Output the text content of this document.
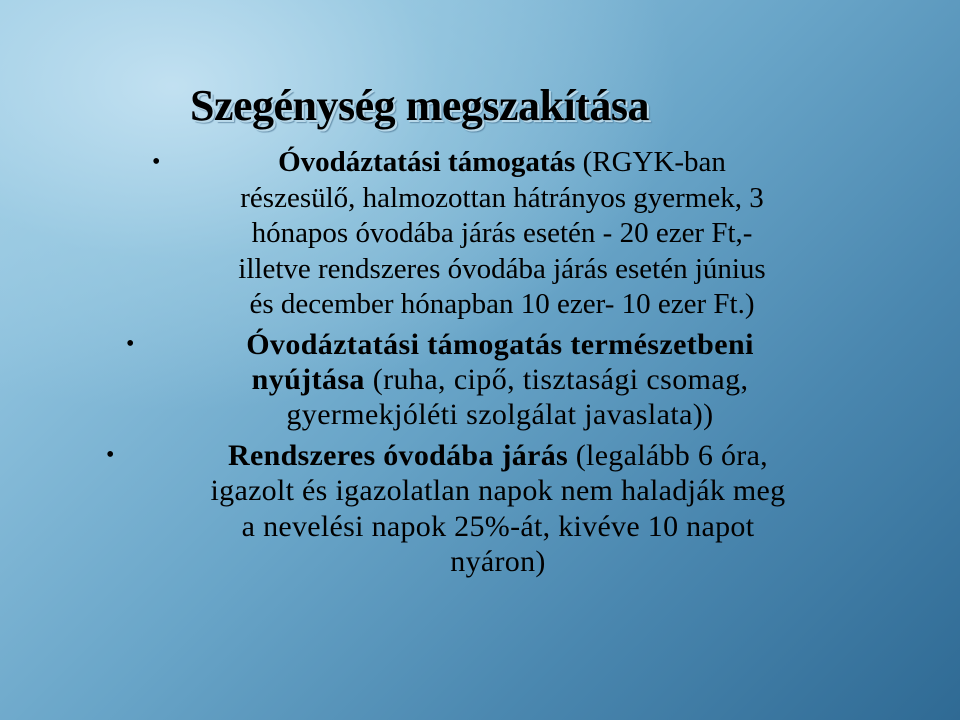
Szegénység megszakítása

•	Óvodáztatási támogatás (RGYK-ban
részesülő, halmozottan hátrányos gyermek, 3
hónapos óvodába járás esetén - 20 ezer Ft,-
illetve rendszeres óvodába járás esetén június
és december hónapban 10 ezer- 10 ezer Ft.)

•	Óvodáztatási támogatás természetbeni
nyújtása (ruha, cipő, tisztasági csomag,
gyermekjóléti szolgálat javaslata))

•	Rendszeres óvodába járás (legalább 6 óra,
igazolt és igazolatlan napok nem haladják meg
a nevelési napok 25%-át, kivéve 10 napot
nyáron)
